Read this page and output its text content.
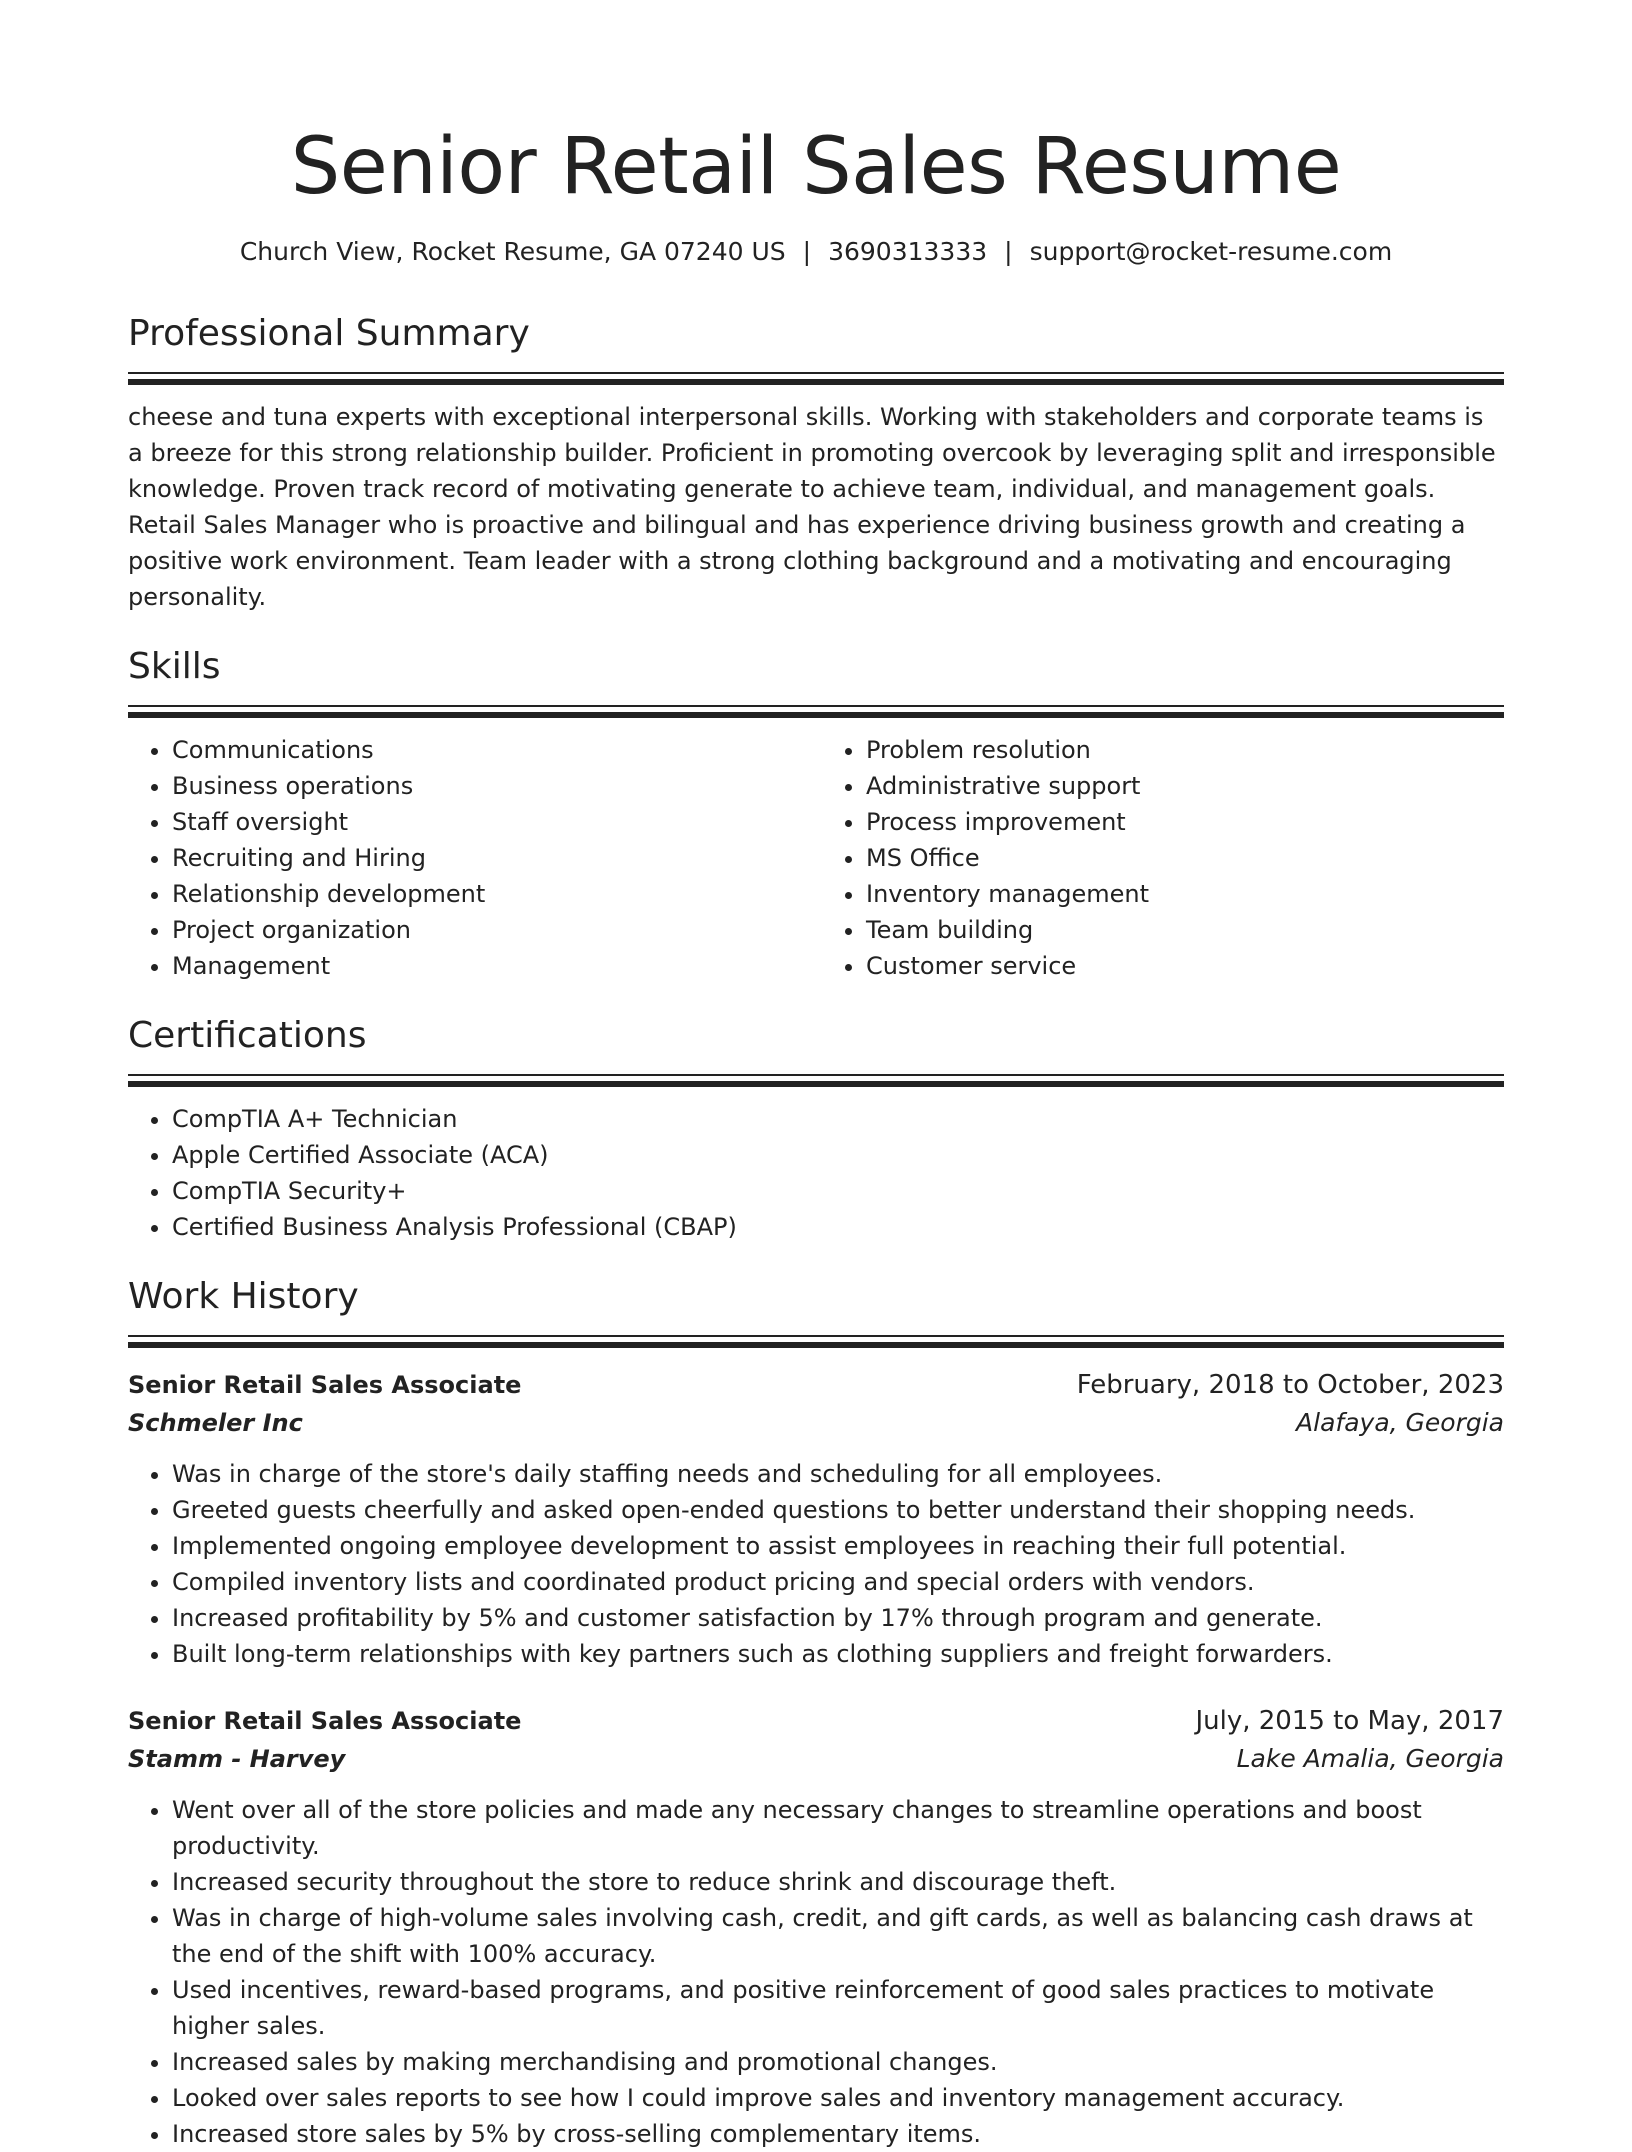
Senior Retail Sales Resume
Church View, Rocket Resume, GA 07240 US | 3690313333 | support@rocket-resume.com
Professional Summary
cheese and tuna experts with exceptional interpersonal skills. Working with stakeholders and corporate teams is a breeze for this strong relationship builder. Proficient in promoting overcook by leveraging split and irresponsible knowledge. Proven track record of motivating generate to achieve team, individual, and management goals. Retail Sales Manager who is proactive and bilingual and has experience driving business growth and creating a positive work environment. Team leader with a strong clothing background and a motivating and encouraging personality.
Skills
• Communications
• Business operations
• Staff oversight
• Recruiting and Hiring
• Relationship development
• Project organization
• Management
• Problem resolution
• Administrative support
• Process improvement
• MS Office
• Inventory management
• Team building
• Customer service
Certifications
• CompTIA A+ Technician
• Apple Certified Associate (ACA)
• CompTIA Security+
• Certified Business Analysis Professional (CBAP)
Work History
Senior Retail Sales Associate	February, 2018 to October, 2023
Schmeler Inc	Alafaya, Georgia
• Was in charge of the store's daily staffing needs and scheduling for all employees.
• Greeted guests cheerfully and asked open-ended questions to better understand their shopping needs.
• Implemented ongoing employee development to assist employees in reaching their full potential.
• Compiled inventory lists and coordinated product pricing and special orders with vendors.
• Increased profitability by 5% and customer satisfaction by 17% through program and generate.
• Built long-term relationships with key partners such as clothing suppliers and freight forwarders.
Senior Retail Sales Associate	July, 2015 to May, 2017
Stamm - Harvey	Lake Amalia, Georgia
• Went over all of the store policies and made any necessary changes to streamline operations and boost productivity.
• Increased security throughout the store to reduce shrink and discourage theft.
• Was in charge of high-volume sales involving cash, credit, and gift cards, as well as balancing cash draws at the end of the shift with 100% accuracy.
• Used incentives, reward-based programs, and positive reinforcement of good sales practices to motivate higher sales.
• Increased sales by making merchandising and promotional changes.
• Looked over sales reports to see how I could improve sales and inventory management accuracy.
• Increased store sales by 5% by cross-selling complementary items.
